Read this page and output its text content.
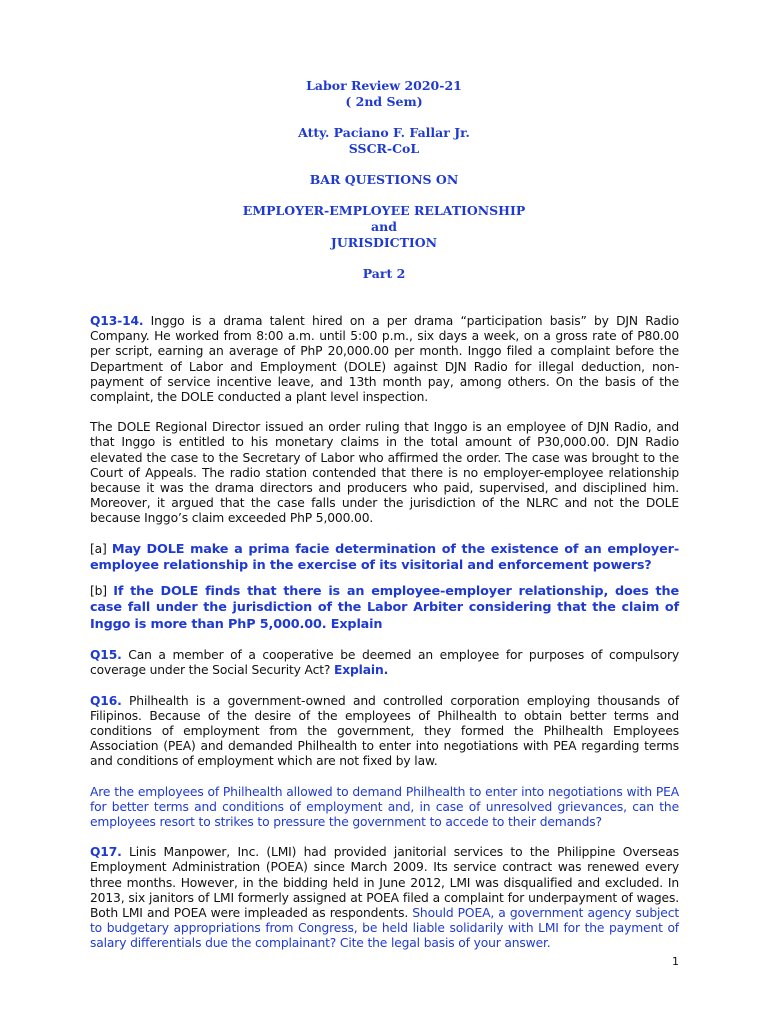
Labor Review 2020-21
( 2nd Sem)
Atty. Paciano F. Fallar Jr.
SSCR-CoL
BAR QUESTIONS ON
EMPLOYER-EMPLOYEE RELATIONSHIP
and
JURISDICTION
Part 2

Q13-14. Inggo is a drama talent hired on a per drama “participation basis” by DJN Radio Company. He worked from 8:00 a.m. until 5:00 p.m., six days a week, on a gross rate of P80.00 per script, earning an average of PhP 20,000.00 per month. Inggo filed a complaint before the Department of Labor and Employment (DOLE) against DJN Radio for illegal deduction, non-payment of service incentive leave, and 13th month pay, among others. On the basis of the complaint, the DOLE conducted a plant level inspection.

The DOLE Regional Director issued an order ruling that Inggo is an employee of DJN Radio, and that Inggo is entitled to his monetary claims in the total amount of P30,000.00. DJN Radio elevated the case to the Secretary of Labor who affirmed the order. The case was brought to the Court of Appeals. The radio station contended that there is no employer-employee relationship because it was the drama directors and producers who paid, supervised, and disciplined him. Moreover, it argued that the case falls under the jurisdiction of the NLRC and not the DOLE because Inggo’s claim exceeded PhP 5,000.00.

[a] May DOLE make a prima facie determination of the existence of an employer-employee relationship in the exercise of its visitorial and enforcement powers?

[b] If the DOLE finds that there is an employee-employer relationship, does the case fall under the jurisdiction of the Labor Arbiter considering that the claim of Inggo is more than PhP 5,000.00. Explain

Q15. Can a member of a cooperative be deemed an employee for purposes of compulsory coverage under the Social Security Act? Explain.

Q16. Philhealth is a government-owned and controlled corporation employing thousands of Filipinos. Because of the desire of the employees of Philhealth to obtain better terms and conditions of employment from the government, they formed the Philhealth Employees Association (PEA) and demanded Philhealth to enter into negotiations with PEA regarding terms and conditions of employment which are not fixed by law.

Are the employees of Philhealth allowed to demand Philhealth to enter into negotiations with PEA for better terms and conditions of employment and, in case of unresolved grievances, can the employees resort to strikes to pressure the government to accede to their demands?

Q17. Linis Manpower, Inc. (LMI) had provided janitorial services to the Philippine Overseas Employment Administration (POEA) since March 2009. Its service contract was renewed every three months. However, in the bidding held in June 2012, LMI was disqualified and excluded. In 2013, six janitors of LMI formerly assigned at POEA filed a complaint for underpayment of wages. Both LMI and POEA were impleaded as respondents. Should POEA, a government agency subject to budgetary appropriations from Congress, be held liable solidarily with LMI for the payment of salary differentials due the complainant? Cite the legal basis of your answer.

1
